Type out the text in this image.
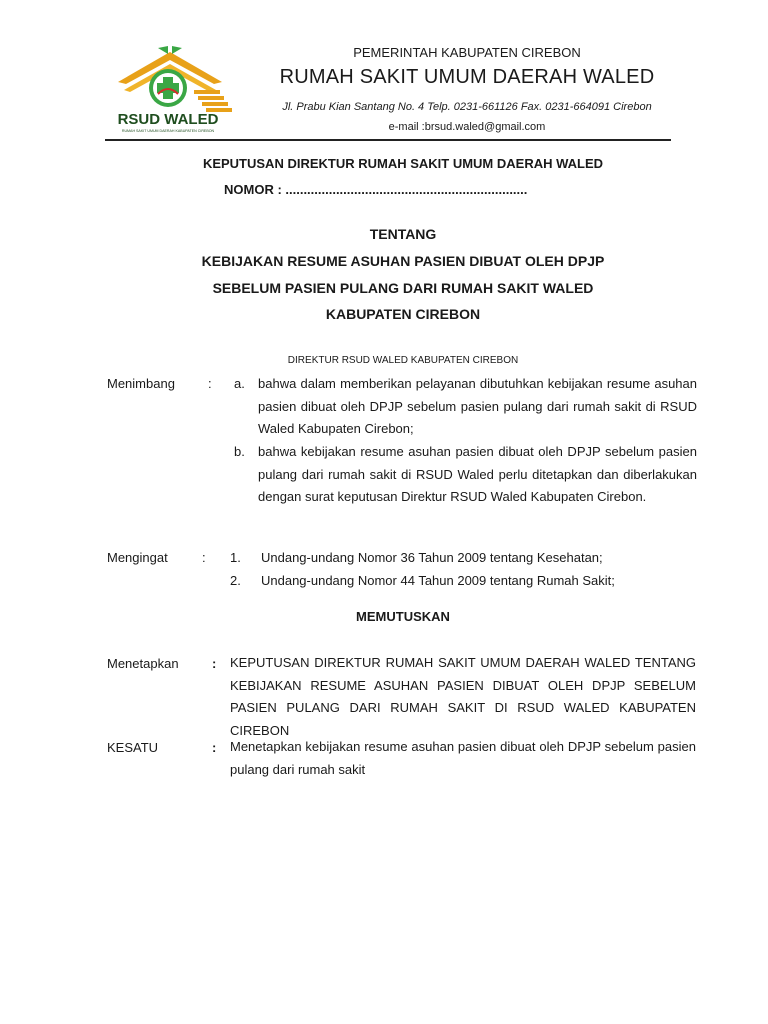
RSUD WALED
RUMAH SAKIT UMUM DAERAH KABUPATEN CIREBON
PEMERINTAH KABUPATEN CIREBON
RUMAH SAKIT UMUM DAERAH WALED
Jl. Prabu Kian Santang No. 4 Telp. 0231-661126 Fax. 0231-664091 Cirebon
e-mail :brsud.waled@gmail.com
KEPUTUSAN DIREKTUR RUMAH SAKIT UMUM DAERAH WALED
NOMOR : ...................................................................
TENTANG
KEBIJAKAN RESUME ASUHAN PASIEN DIBUAT OLEH DPJP
SEBELUM PASIEN PULANG DARI RUMAH SAKIT WALED
KABUPATEN CIREBON
DIREKTUR RSUD WALED KABUPATEN CIREBON
Menimbang	: a. bahwa dalam memberikan pelayanan dibutuhkan kebijakan resume asuhan pasien dibuat oleh DPJP sebelum pasien pulang dari rumah sakit di RSUD Waled Kabupaten Cirebon;
b. bahwa kebijakan resume asuhan pasien dibuat oleh DPJP sebelum pasien pulang dari rumah sakit di RSUD Waled perlu ditetapkan dan diberlakukan dengan surat keputusan Direktur RSUD Waled Kabupaten Cirebon.
Mengingat	: 1. Undang-undang Nomor 36 Tahun 2009 tentang Kesehatan;
2. Undang-undang Nomor 44 Tahun 2009 tentang Rumah Sakit;
MEMUTUSKAN
Menetapkan	: KEPUTUSAN DIREKTUR RUMAH SAKIT UMUM DAERAH WALED TENTANG KEBIJAKAN RESUME ASUHAN PASIEN DIBUAT OLEH DPJP SEBELUM PASIEN PULANG DARI RUMAH SAKIT DI RSUD WALED KABUPATEN CIREBON
KESATU	: Menetapkan kebijakan resume asuhan pasien dibuat oleh DPJP sebelum pasien pulang dari rumah sakit
